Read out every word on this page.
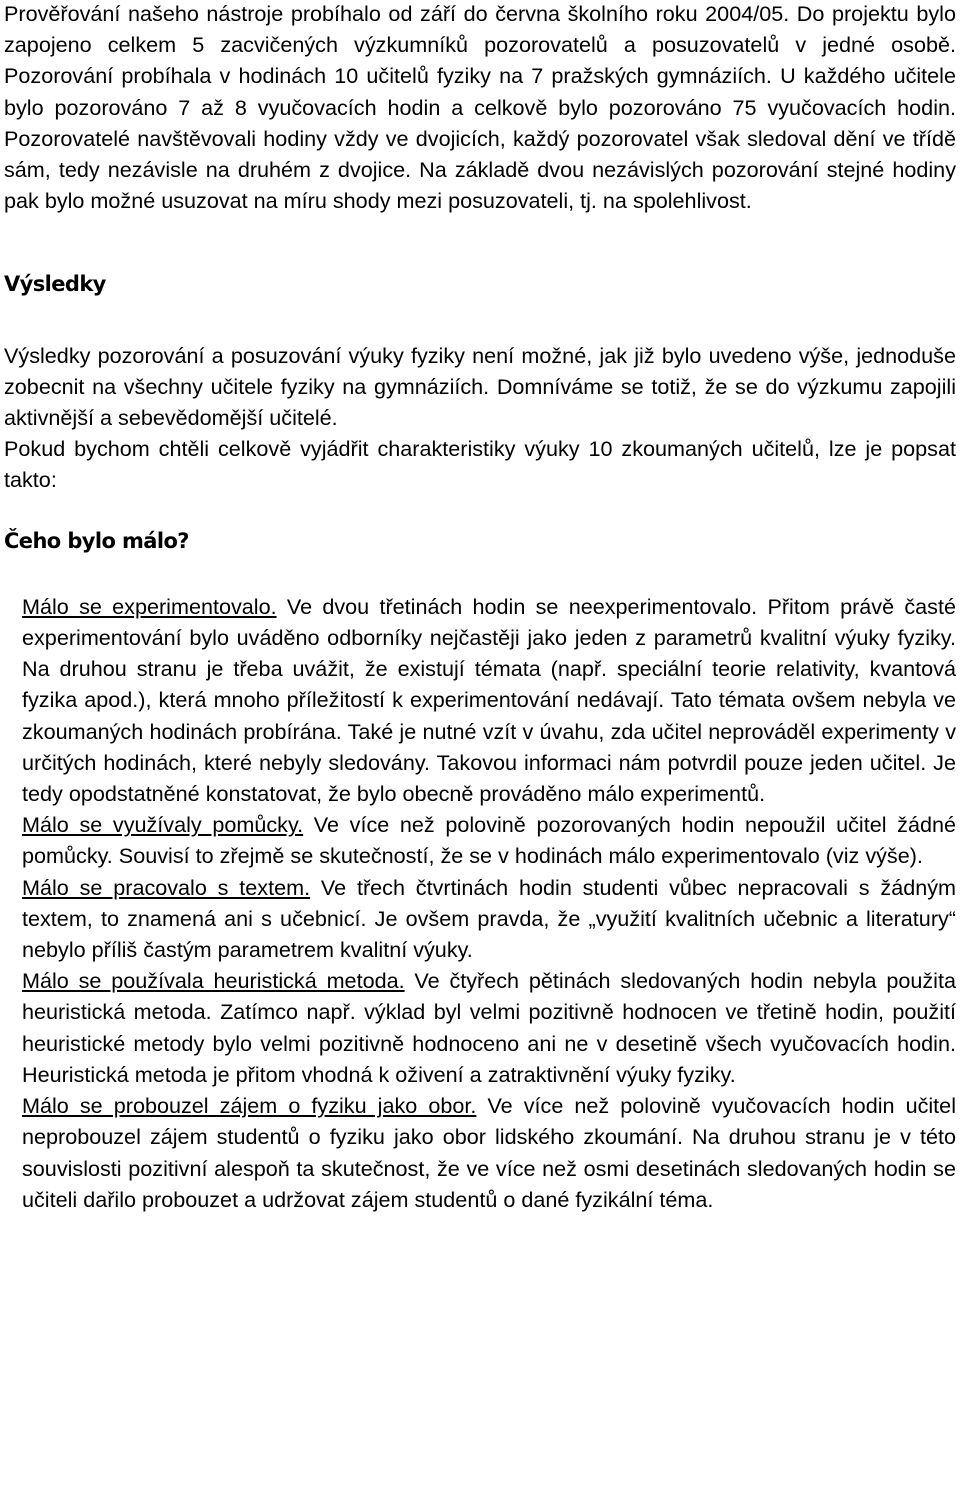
Prověřování našeho nástroje probíhalo od září do června školního roku 2004/05. Do projektu bylo zapojeno celkem 5 zacvičených výzkumníků pozorovatelů a posuzovatelů v jedné osobě. Pozorování probíhala v hodinách 10 učitelů fyziky na 7 pražských gymnáziích. U každého učitele bylo pozorováno 7 až 8 vyučovacích hodin a celkově bylo pozorováno 75 vyučovacích hodin. Pozorovatelé navštěvovali hodiny vždy ve dvojicích, každý pozorovatel však sledoval dění ve třídě sám, tedy nezávisle na druhém z dvojice. Na základě dvou nezávislých pozorování stejné hodiny pak bylo možné usuzovat na míru shody mezi posuzovateli, tj. na spolehlivost.

Výsledky

Výsledky pozorování a posuzování výuky fyziky není možné, jak již bylo uvedeno výše, jednoduše zobecnit na všechny učitele fyziky na gymnáziích. Domníváme se totiž, že se do výzkumu zapojili aktivnější a sebevědomější učitelé.

Pokud bychom chtěli celkově vyjádřit charakteristiky výuky 10 zkoumaných učitelů, lze je popsat takto:

Čeho bylo málo?

Málo se experimentovalo. Ve dvou třetinách hodin se neexperimentovalo. Přitom právě časté experimentování bylo uváděno odborníky nejčastěji jako jeden z parametrů kvalitní výuky fyziky. Na druhou stranu je třeba uvážit, že existují témata (např. speciální teorie relativity, kvantová fyzika apod.), která mnoho příležitostí k experimentování nedávají. Tato témata ovšem nebyla ve zkoumaných hodinách probírána. Také je nutné vzít v úvahu, zda učitel neprováděl experimenty v určitých hodinách, které nebyly sledovány. Takovou informaci nám potvrdil pouze jeden učitel. Je tedy opodstatněné konstatovat, že bylo obecně prováděno málo experimentů.

Málo se využívaly pomůcky. Ve více než polovině pozorovaných hodin nepoužil učitel žádné pomůcky. Souvisí to zřejmě se skutečností, že se v hodinách málo experimentovalo (viz výše).

Málo se pracovalo s textem. Ve třech čtvrtinách hodin studenti vůbec nepracovali s žádným textem, to znamená ani s učebnicí. Je ovšem pravda, že „využití kvalitních učebnic a literatury“ nebylo příliš častým parametrem kvalitní výuky.

Málo se používala heuristická metoda. Ve čtyřech pětinách sledovaných hodin nebyla použita heuristická metoda. Zatímco např. výklad byl velmi pozitivně hodnocen ve třetině hodin, použití heuristické metody bylo velmi pozitivně hodnoceno ani ne v desetině všech vyučovacích hodin. Heuristická metoda je přitom vhodná k oživení a zatraktivnění výuky fyziky.

Málo se probouzel zájem o fyziku jako obor. Ve více než polovině vyučovacích hodin učitel neprobouzel zájem studentů o fyziku jako obor lidského zkoumání. Na druhou stranu je v této souvislosti pozitivní alespoň ta skutečnost, že ve více než osmi desetinách sledovaných hodin se učiteli dařilo probouzet a udržovat zájem studentů o dané fyzikální téma.
